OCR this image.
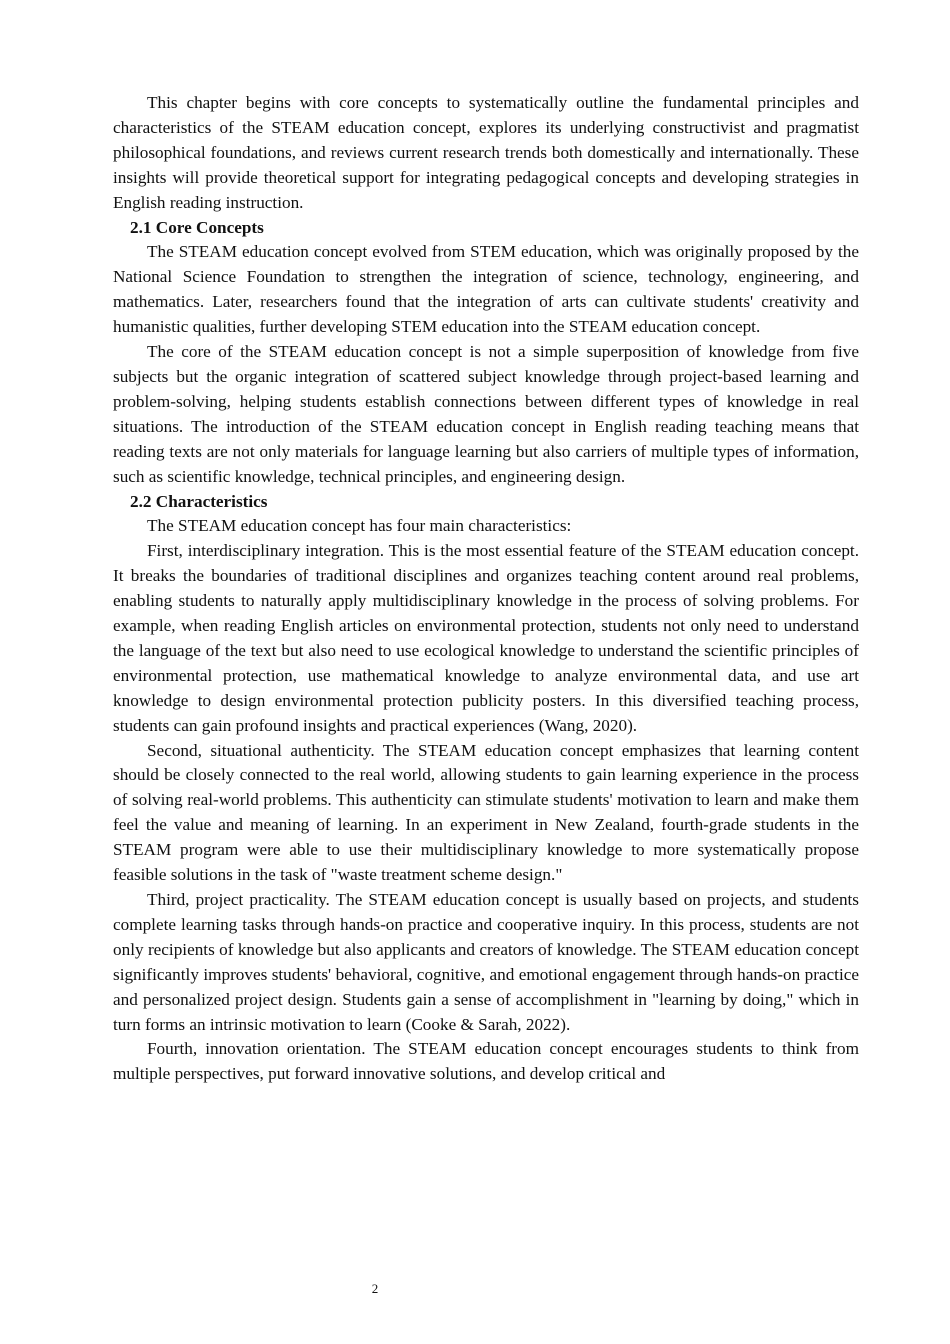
This chapter begins with core concepts to systematically outline the fundamental principles and characteristics of the STEAM education concept, explores its underlying constructivist and pragmatist philosophical foundations, and reviews current research trends both domestically and internationally. These insights will provide theoretical support for integrating pedagogical concepts and developing strategies in English reading instruction.

2.1 Core Concepts

The STEAM education concept evolved from STEM education, which was originally proposed by the National Science Foundation to strengthen the integration of science, technology, engineering, and mathematics. Later, researchers found that the integration of arts can cultivate students' creativity and humanistic qualities, further developing STEM education into the STEAM education concept.

The core of the STEAM education concept is not a simple superposition of knowledge from five subjects but the organic integration of scattered subject knowledge through project-based learning and problem-solving, helping students establish connections between different types of knowledge in real situations. The introduction of the STEAM education concept in English reading teaching means that reading texts are not only materials for language learning but also carriers of multiple types of information, such as scientific knowledge, technical principles, and engineering design.

2.2 Characteristics

The STEAM education concept has four main characteristics:

First, interdisciplinary integration. This is the most essential feature of the STEAM education concept. It breaks the boundaries of traditional disciplines and organizes teaching content around real problems, enabling students to naturally apply multidisciplinary knowledge in the process of solving problems. For example, when reading English articles on environmental protection, students not only need to understand the language of the text but also need to use ecological knowledge to understand the scientific principles of environmental protection, use mathematical knowledge to analyze environmental data, and use art knowledge to design environmental protection publicity posters. In this diversified teaching process, students can gain profound insights and practical experiences (Wang, 2020).

Second, situational authenticity. The STEAM education concept emphasizes that learning content should be closely connected to the real world, allowing students to gain learning experience in the process of solving real-world problems. This authenticity can stimulate students' motivation to learn and make them feel the value and meaning of learning. In an experiment in New Zealand, fourth-grade students in the STEAM program were able to use their multidisciplinary knowledge to more systematically propose feasible solutions in the task of "waste treatment scheme design."

Third, project practicality. The STEAM education concept is usually based on projects, and students complete learning tasks through hands-on practice and cooperative inquiry. In this process, students are not only recipients of knowledge but also applicants and creators of knowledge. The STEAM education concept significantly improves students' behavioral, cognitive, and emotional engagement through hands-on practice and personalized project design. Students gain a sense of accomplishment in "learning by doing," which in turn forms an intrinsic motivation to learn (Cooke & Sarah, 2022).

Fourth, innovation orientation. The STEAM education concept encourages students to think from multiple perspectives, put forward innovative solutions, and develop critical and

2
